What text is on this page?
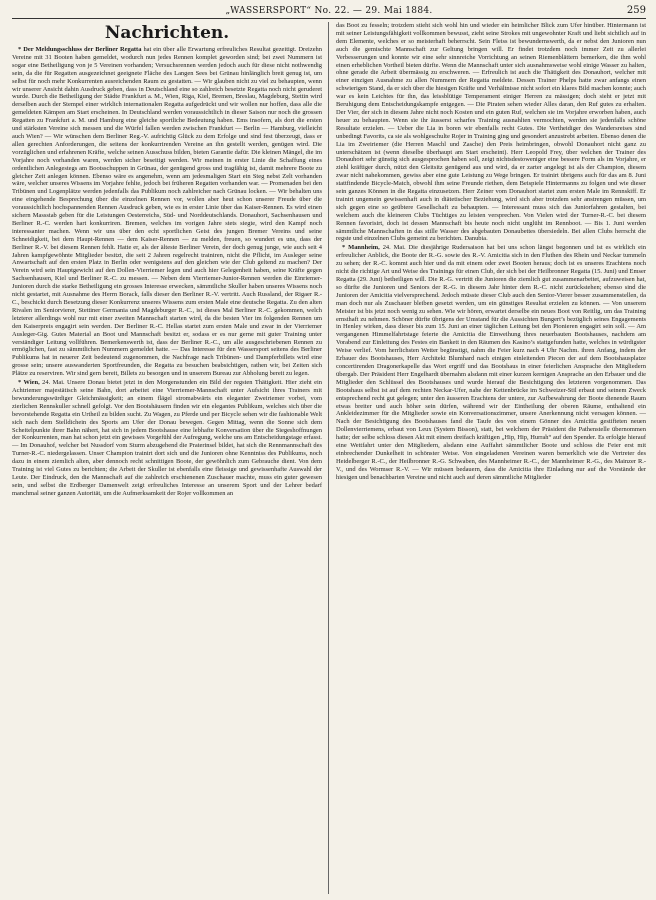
„WASSERSPORT“ No. 22. — 29. Mai 1884.	259
Nachrichten.

* Der Meldungsschluss der Berliner Regatta hat ein über alle Erwartung erfreuliches Resultat gezeitigt. Dreizehn Vereine mit 31 Booten haben gemeldet, wodurch nun jedes Rennen komplet geworden sind; bei zwei Nummern ist sogar eine Betheiligung von je 5 Vereinen vorhanden; Versuchsrennen werden jedoch auch für diese nicht nothwendig sein, da die für Regatten ausgezeichnet geeignete Fläche des Langen Sees bei Grünau hinlänglich breit genug ist, um selbst für noch mehr Konkurrenten ausreichenden Raum zu gestatten. — Wir glauben nicht zu viel zu behaupten, wenn wir unserer Ansicht dahin Ausdruck geben, dass in Deutschland eine so zahlreich besetzte Regatta noch nicht geruderet wurde. Durch die Betheiligung der Städte Frankfurt a. M., Wien, Riga, Kiel, Bremen, Breslau, Magdeburg, Stettin wird derselben auch der Stempel einer wirklich internationalen Regatta aufgedrückt und wir wollen nur hoffen, dass alle die gemeldeten Kämpen am Start erscheinen. In Deutschland werden voraussichtlich in dieser Saison nur noch die grossen Regatten zu Frankfurt a. M. und Hamburg eine gleiche sportliche Bedeutung haben. Ems insofern, als dort die ersten und stärksten Vereine sich messen und die Würfel fallen werden zwischen Frankfurt — Berlin — Hamburg, vielleicht auch Wien? — Wir wünschen dem Berliner Reg.-V. aufrichtig Glück zu dem Erfolge und sind fest überzeugt, dass er allen gerechten Anforderungen, die seitens der konkurrirenden Vereine an ihn gestellt werden, genügen wird. Die vorzüglichen und erfahrenen Kräfte, welche seinen Ausschuss bilden, bieten Garantie dafür. Die kleinen Mängel, die im Vorjahre noch vorhanden waren, werden sicher beseitigt werden. Wir meinen in erster Linie die Schaffung eines ordentlichen Anlegestegs am Bootsschuppen in Grünau, der genügend gross und tragfähig ist, damit mehrere Boote zu gleicher Zeit anlegen können. Ebenso wäre es angenehm, wenn am jedesmaligen Start ein Steg nebst Zelt vorhanden wäre, welcher unseres Wissens im Vorjahre fehlte, jedoch bei früheren Regatten vorhanden war. — Promenaden bei den Tribünen und Logenplätze werden jedenfalls das Publikum noch zahlreicher nach Grünau locken. — Wir behalten uns eine eingehende Besprechung über die einzelnen Rennen vor, wollen aber heut schon unserer Freude über die voraussichtlich hochspannenden Rennen Ausdruck geben, wie es in erster Linie über das Kaiser-Rennen. Es wird einen sichern Massstab geben für die Leistungen Oesterreichs, Süd- und Norddeutschlands. Donauhort, Sachsenhausen und Berliner R.-C. werden hart konkurriren. Bremen, welches im vorigen Jahre stets siegte, wird den Kampf noch interessanter machen. Wenn wir uns über den echt sportlichen Geist des jungen Bremer Vereins und seine Schneidigkeit, bei dem Haupt-Rennen — dem Kaiser-Rennen — zu melden, freuen, so wundert es uns, dass der Berliner R.-V. bei diesem Rennen fehlt. Hatte er, als der älteste Berliner Verein, der doch genug junge, wie auch seit 4 Jahren kampfgewöhnte Mitglieder besitzt, die seit 2 Jahren regelrecht trainiren, nicht die Pflicht, im Ausleger seine Anwartschaft auf den ersten Platz in Berlin oder wenigstens auf den gleichen wie der Club geltend zu machen? Der Verein wird sein Hauptgewicht auf den Dollen-Vierriemer legen und auch hier Gelegenheit haben, seine Kräfte gegen Sachsenhausen, Kiel und Berliner R.-C. zu messen. — Neben dem Vierriemer-Junior-Rennen werden die Einriemer-Junioren durch die starke Betheiligung ein grosses Interesse erwecken, sämmtliche Skuller haben unseres Wissens noch nicht gestartet, mit Ausnahme des Herrn Borack, falls dieser den Berliner R.-V. vertritt. Auch Russland, der Rigaer R.-C., beschickt durch Besetzung dieser Konkurrenz unseres Wissens zum ersten Male eine deutsche Regatta. Zu den alten Rivalen im Seniorvierer, Stettiner Germania und Magdeburger R.-C., ist dieses Mal Berliner R.-C. gekommen, welch letzterer allerdings wohl nur mit einer zweiten Mannschaft starten wird, da die besten Vier im folgenden Rennen um den Kaiserpreis engagirt sein werden. Der Berliner R.-C. Hellas startet zum ersten Male und zwar in der Vierriemer Ausleger-Gig. Gutes Material an Boot und Mannschaft besitzt er, sodass er es nur gerne mit guter Training unter verständiger Leitung vollführen. Bemerkenswerth ist, dass der Berliner R.-C., um alle ausgeschriebenen Rennen zu ermöglichen, fast zu sämmtlichen Nummern gemeldet hatte. — Das Interesse für den Wassersport seitens des Berliner Publikums hat in neuerer Zeit bedeutend zugenommen, die Nachfrage nach Tribünen- und Dampferbillets wird eine grosse sein; unsere auswanderten Sportfreunden, die Regatta zu besuchen beabsichtigen, rathen wir, bei Zeiten sich Plätze zu reserviren. Wir sind gern bereit, Billets zu besorgen und in unserem Bureau zur Abholung bereit zu legen.

* Wien, 24. Mai. Unsere Donau bietet jetzt in den Morgenstunden ein Bild der regsten Thätigkeit. Hier zieht ein Achtriemer majestätisch seine Bahn, dort arbeitet eine Vierriemer-Mannschaft unter Aufsicht ihres Trainers mit bewunderungswürdiger Gleichmässigkeit; an einem flägel stromabwärts ein eleganter Zweiriemer vorbei, vom zierlichen Rennskuller schnell gefolgt. Vor den Bootshäusern finden wir ein elegantes Publikum, welches sich über die bevorstehende Regatta ein Urtheil zu bilden sucht. Zu Wagen, zu Pferde und per Bicycle sehen wir die fashionable Welt sich nach dem Stelldichein des Sports am Ufer der Donau bewegen. Gegen Mittag, wenn die Sonne sich dem Scheitelpunkte ihrer Bahn nähert, hat sich in jedem Bootshause eine lebhafte Konversation über die Siegeshoffnungen der Konkurrenten, man hat schon jetzt ein gewisses Vorgefühl der Aufregung, welche uns am Entscheidungstage erfasst. — Im Donauhof, welcher bei Nussdorf vom Sturm abzugehend die Praterinsel bildet, hat sich die Rennmannschaft des Turner-R.-C. niedergelassen. Unser Champion trainirt dort sich und die Junioren ohne Kenntniss des Publikums, noch dazu in einem ziemlich alten, aber dennoch recht schnittigen Boote, der gewöhnlich zum Gebrauche dient. Von dem Training ist viel Gutes zu berichten; die Arbeit der Skuller ist ebenfalls eine fleissige und gewissenhafte Auswahl der Leute. Der Eindruck, den die Mannschaft auf die zahlreich erschienenen Zuschauer machte, muss ein guter gewesen sein, und selbst die Erdberger Damenwelt zeigt erfreuliches Interesse an unserem Sport und der Lehrer bedarf manchmal seiner ganzen Autorität, um die Aufmerksamkeit der Rojer vollkommen an

das Boot zu fesseln; trotzdem stieht sich wohl hin und wieder ein heimlicher Blick zum Ufer hinüber. Hintermann ist mit seiner Leistungsfähigkeit vollkommen bewusst, zieht seine Strokes mit ungewohnter Kraft und liebt sichtlich auf in dem Elemente, welches er so meisterhaft beherrscht. Sein Fleiss ist bewundernswerth, da er nebst den Junioren nun auch die gemischte Mannschaft zur Geltung bringen will. Er findet trotzdem noch immer Zeit zu allerlei Verbesserungen und konnte wir eine sehr sinnreiche Vorrichtung an seinen Riemenblättern bemerken, die ihm wohl einen erheblichen Vortheil bieten dürfte. Wenn die Mannschaft unter sich ausnahmsweise wohl einige Wasser zu halten, ohne gerade die Arbeit übermässig zu erschweren. — Erfreulich ist auch die Thätigkeit des Donauhort, welcher mit einer einzigen Ausnahme zu allen Nummern der Regatta meldete. Dessen Trainer Phelps hatte zwar anfangs einen schwierigen Stand, da er sich über die hiesigen Kräfte und Verhältnisse nicht sofort ein klares Bild machen konnte; auch war es kein Leichtes für ihn, das leissblütige Temperament einiger Herren zu mässigen; doch sieht er jetzt mit Beruhigung dem Entscheidungskampfe entgegen. — Die Piraten sehen wieder Alles daran, den Ruf gutes zu erhalten. Der Vier, der sich in diesem Jahre nicht noch Kosten und ein guten Ruf, welchen sie im Vorjahre erworben haben, auch heuer zu behaupten. Wenn sie ihr äusserst scharfes Training ausnahlten vermochten, werden sie jedenfalls schöne Resultate erzielen. — Ueber die Lia in boren wir ebenfalls recht Gutes. Die Vertheidiger des Wandersreises sind unbedingt Favorits, ca sie als wohlgeschulte Rojer in Training ging und gesondert anzustrebt arbeiten. Ebenso denen die Lia im Zweiriemer (die Herren Maschl und Zasche) den Preis heimbringen, obwohl Donauhort nicht ganz zu unterschätzen ist (wenn dieselbe überhaupt am Start erscheint). Herr Leopold Frey, über welchen der Trainer des Donauhort sehr günstig sich ausgesprochen haben soll, zeigt nichtsdestoweniger eine bessere Form als im Vorjahre, er ziehl kräftiger durch, nützt den Gleitsitz genügend aus und wird, da er zarter angelegt ist als der Champion, diesem zwar nicht nahekommen, gewiss aber eine gute Leistung zu Wege bringen. Er trainirt übrigens auch für das am 8. Juni stattfindende Bicycle-Match, obwohl ihm seine Freunde riethen, dem Beispiele Hintermanns zu folgen und wie dieser sein ganzes Können in die Regatta einzusetzen. Herr Zeiner vom Donauhort startet zum ersten Male im Rennskiff. Er trainirt ungemein gewissenhaft auch in diätetischer Beziehung, wird sich aber trotzdem sehr anstrengen müssen, um sich gegen eine so geübtere Gesellschaft zu behaupten. — Interessant muss sich das Juniorfahren gestalten, bei welchem auch die kleineren Clubs Tüchtiges zu leisten versprechen. Von Vielen wird der Turner-R.-C. bei diesem Rennen favorisirt, doch ist dessen Mannschaft bis heute noch nicht unglüht im Rennboot. — Bis 1. Juni werden sämmtliche Mannschaften in das stille Wasser des abgebauten Donaubettes übersiedeln. Bei allen Clubs herrscht die regste und einzelnen Clubs gemeint zu berichten. Danubia.

* Mannheim, 24. Mai. Die diesjährige Rudersaison hat bei uns schon längst begonnen und ist es wirklich ein erfreulicher Anblick, die Boote der R.-G. sowie des R.-V. Amicitia sich in den Fluthen des Rhein und Neckar tummeln zu sehen; der R.-C. kommt auch hier und da mit einem oder zwei Booten heraus; doch ist es unseres Erachtens noch nicht die richtige Art und Weise des Trainings für einen Club, der sich bei der Heilbronner Regatta (15. Juni) und Emser Regatta (29. Juni) betheiligen will. Die R.-G. vertritt die Junioren die ziemlich gut zusammenarbeitet, aufzuweisen hat, so dürfte die Junioren und Seniors der R.-G. in diesem Jahr hinter dem R.-C. nicht zurückstehen; ebenso sind die Junioren der Amicitia vielversprechend. Jedoch müsste dieser Club auch den Senior-Vierer besser zusammenstellen, da man doch nur als Zuschauer bleiben gesetzt werden, um ein günstiges Resultat erzielen zu können. — Von unserem Meister ist bis jetzt noch wenig zu sehen. Wie wir hören, erwartet derselbe ein neues Boot von Reitlig, um das Training ernsthaft zu nehmen. Schöner dürfte übrigens der Umstand für die Aussichten Bungert’s bezüglich seines Engagements in Henley wirken, dass dieser bis zum 15. Juni an einer täglichen Leitung bei den Pionieren engagirt sein soll. — Am vergangenen Himmelfahrtstage feierte die Amicitia die Einweihung ihres neuerbauten Bootshauses, nachdem am Vorabend zur Einleitung des Festes ein Bankett in den Räumen des Kasino’s stattgefunden hatte, welches in würdigster Weise verlief. Vom herrlichsten Wetter begünstigt, nahm die Feier kurz nach 4 Uhr Nachm. ihren Anfang, indem der Erbauer des Bootshauses, Herr Architekt Blumhard nach einigen einleitenden Piecen der auf dem Bootshausplatze concertirenden Dragonerkapelle das Wort ergriff und das Bootshaus in einer feierlichen Ansprache den Mitgliedern übergab. Der Präsident Herr Engelhardt übernahm alsdann mit einer kurzen kernigen Ansprache an den Erbauer und die Mitglieder den Schlüssel des Bootshauses und wurde hierauf die Besichtigung des letzteren vorgenommen. Das Bootshaus selbst ist auf dem rechten Neckar-Ufer, nahe der Kettenbrücke im Schweizer-Stil erbaut und seinem Zweck entsprechend recht gut gelegen; unter den äusseren Erachtens der untere, zur Aufbewahrung der Boote dienende Raum etwas breiter und auch höher sein dürfen, während wir der Eintheilung der oberen Räume, enthaltend ein Ankleidezimmer für die Mitglieder sowie ein Konversationszimmer, unsere Anerkennung nicht versagen können. — Nach der Besichtigung des Bootshauses fand die Taufe des von einem Gönner des Amicitia gestifteten neuen Dollenvierriemens, erbaut von Leux (System Bisson), statt, bei welchem der Präsident die Pathenstelle übernommen hatte; der selbe schloss diesen Akt mit einem dreifach kräftigen „Hip, Hip, Hurrah“ auf den Spender. Es erfolgte hierauf eine Wettfahrt unter den Mitgliedern, alsdann eine Auffahrt sämmtlicher Boote und schloss die Feier erst mit einbrechender Dunkelheit in schönster Weise. Von eingeladenen Vereinen waren bemerklich wie die Vertreter des Heidelberger R.-C., der Heilbronner R.-G. Schwaben, des Mannheimer R.-C., der Mannheimer R.-G., des Mainzer R.-V., und des Wormser R.-V. — Wir müssen bedauern, dass die Amicitia ihre Einladung nur auf die Vorstände der hiesigen und benachbarten Vereine und nicht auch auf deren sämmtliche Mitglieder
